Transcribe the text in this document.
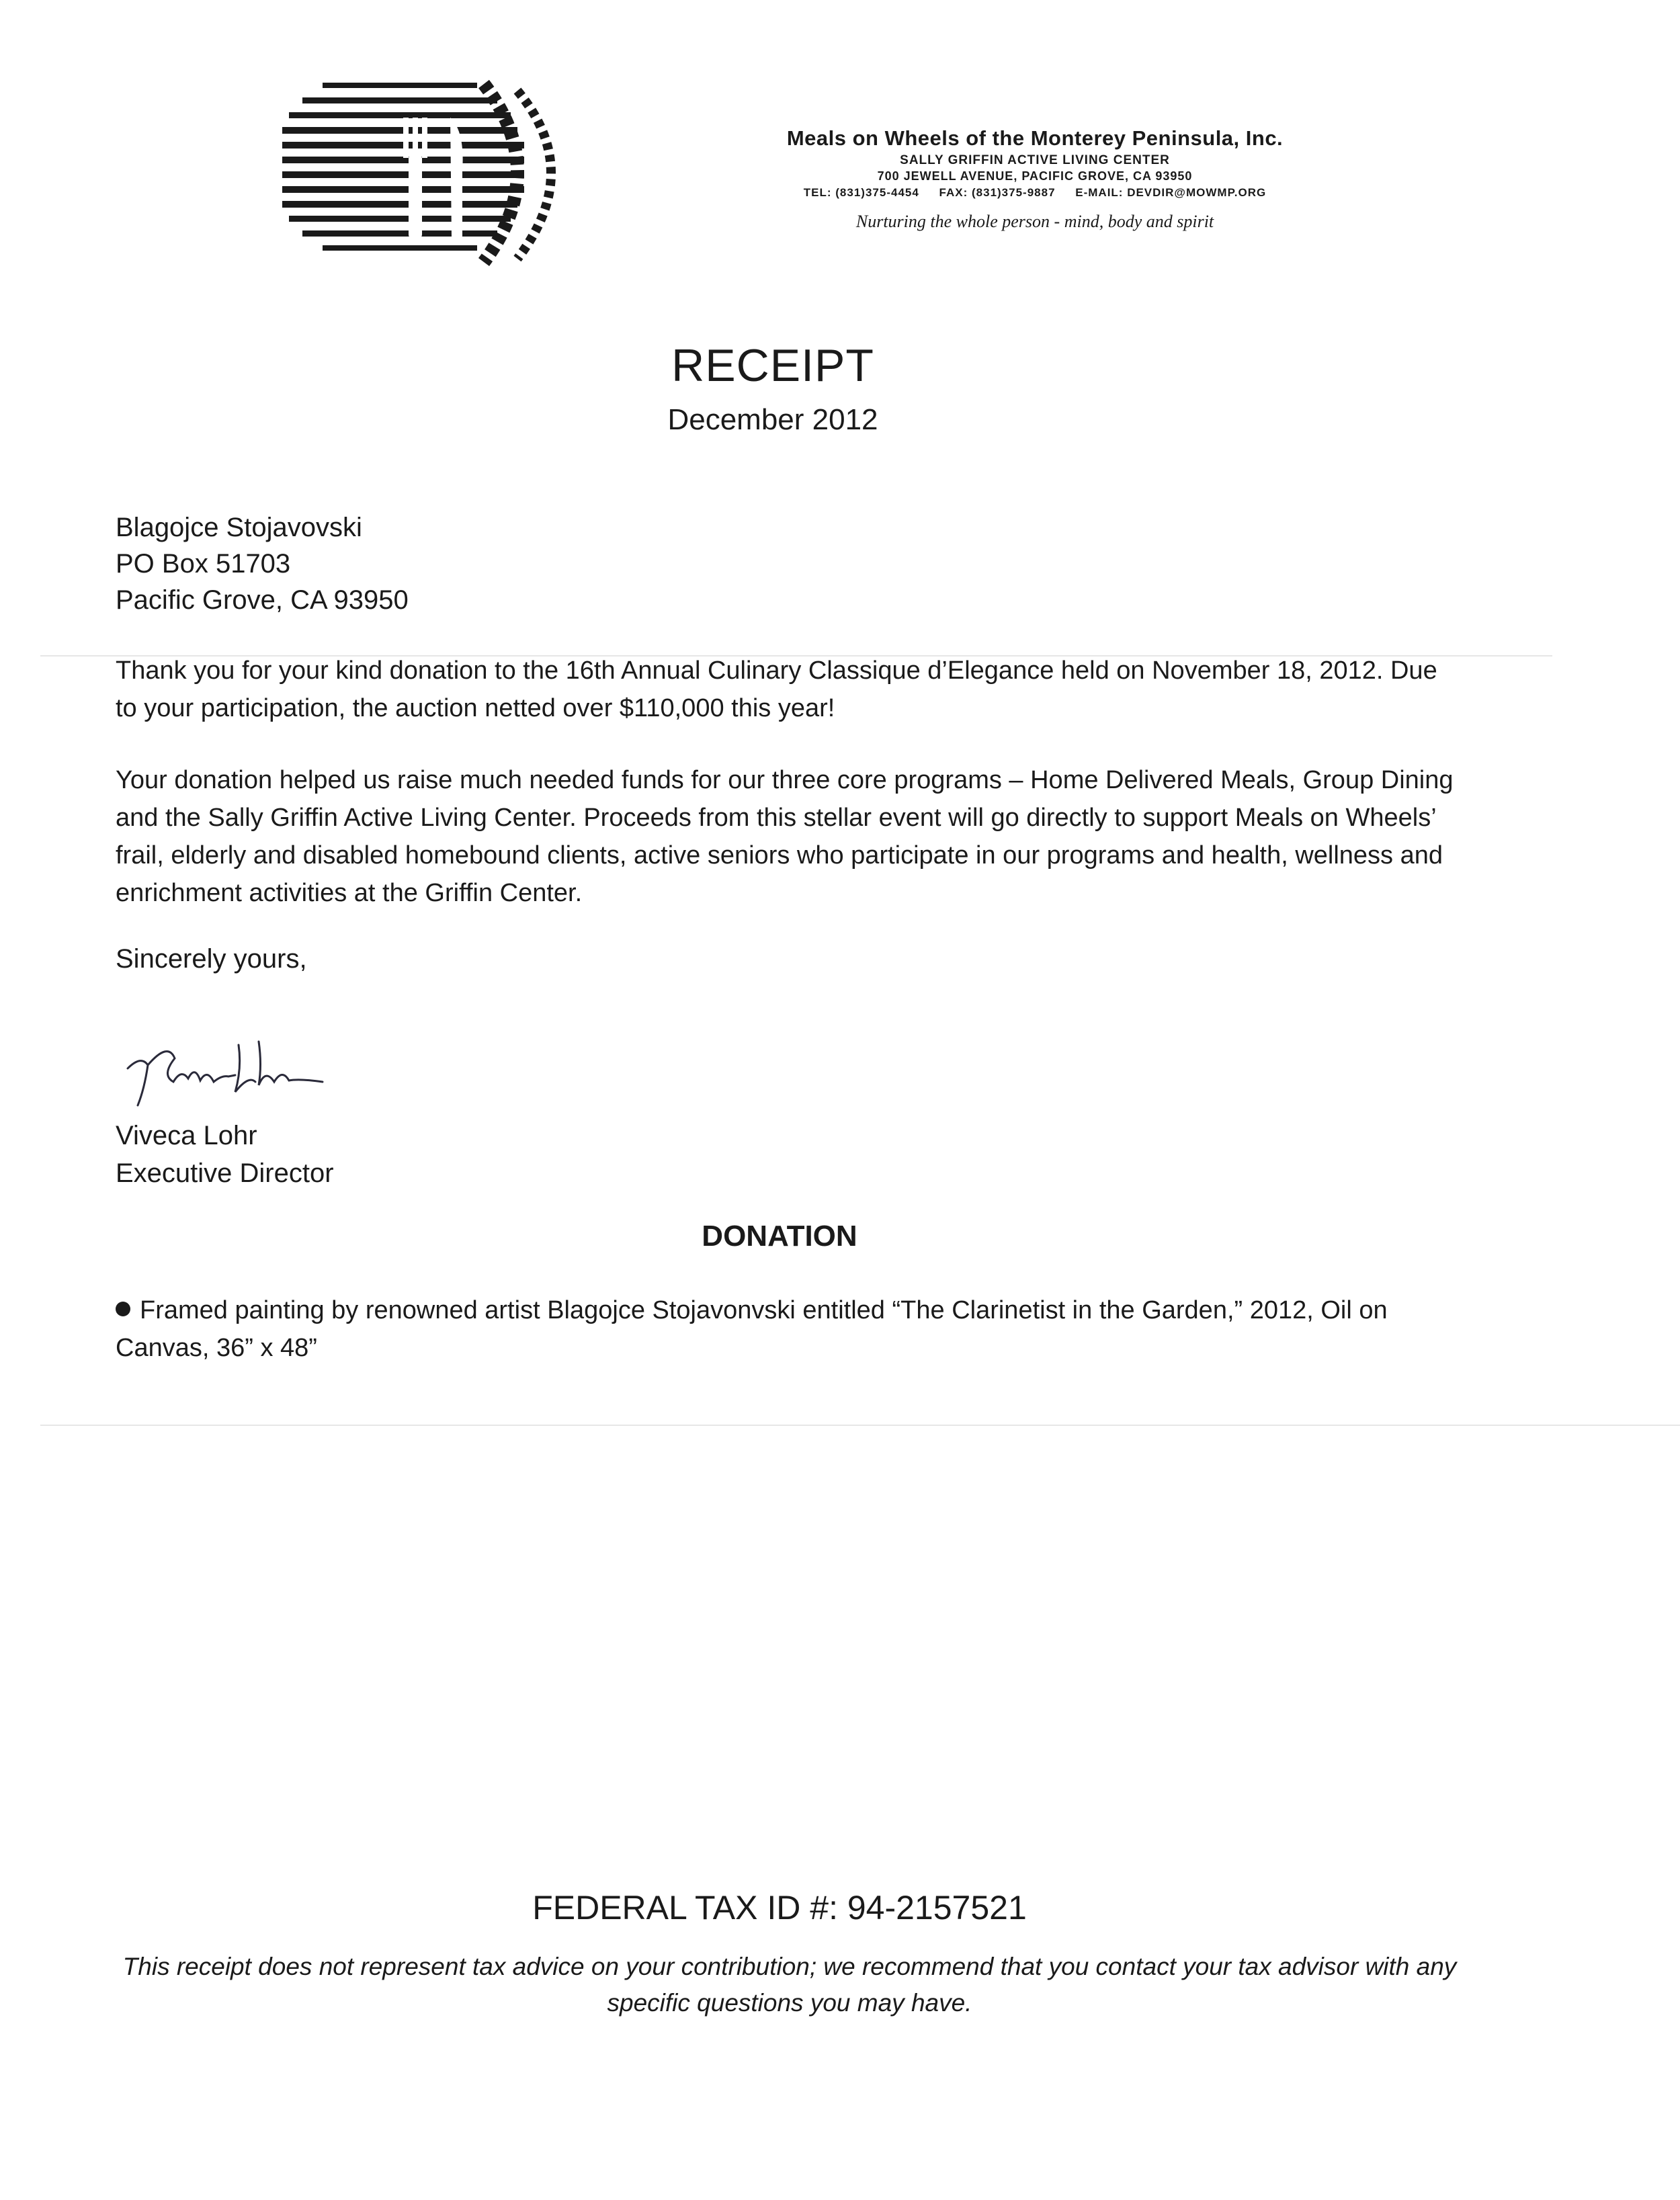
Meals on Wheels of the Monterey Peninsula, Inc.
SALLY GRIFFIN ACTIVE LIVING CENTER
700 JEWELL AVENUE, PACIFIC GROVE, CA 93950
TEL: (831)375-4454 FAX: (831)375-9887 E-MAIL: DEVDIR@MOWMP.ORG
Nurturing the whole person - mind, body and spirit
RECEIPT
December 2012
Blagojce Stojavovski
PO Box 51703
Pacific Grove, CA 93950
Thank you for your kind donation to the 16th Annual Culinary Classique d’Elegance held on November 18, 2012. Due to your participation, the auction netted over $110,000 this year!
Your donation helped us raise much needed funds for our three core programs – Home Delivered Meals, Group Dining and the Sally Griffin Active Living Center. Proceeds from this stellar event will go directly to support Meals on Wheels’ frail, elderly and disabled homebound clients, active seniors who participate in our programs and health, wellness and enrichment activities at the Griffin Center.
Sincerely yours,
Viveca Lohr
Executive Director
DONATION
Framed painting by renowned artist Blagojce Stojavonvski entitled “The Clarinetist in the Garden,” 2012, Oil on Canvas, 36” x 48”
FEDERAL TAX ID #: 94-2157521
This receipt does not represent tax advice on your contribution; we recommend that you contact your tax advisor with any specific questions you may have.
